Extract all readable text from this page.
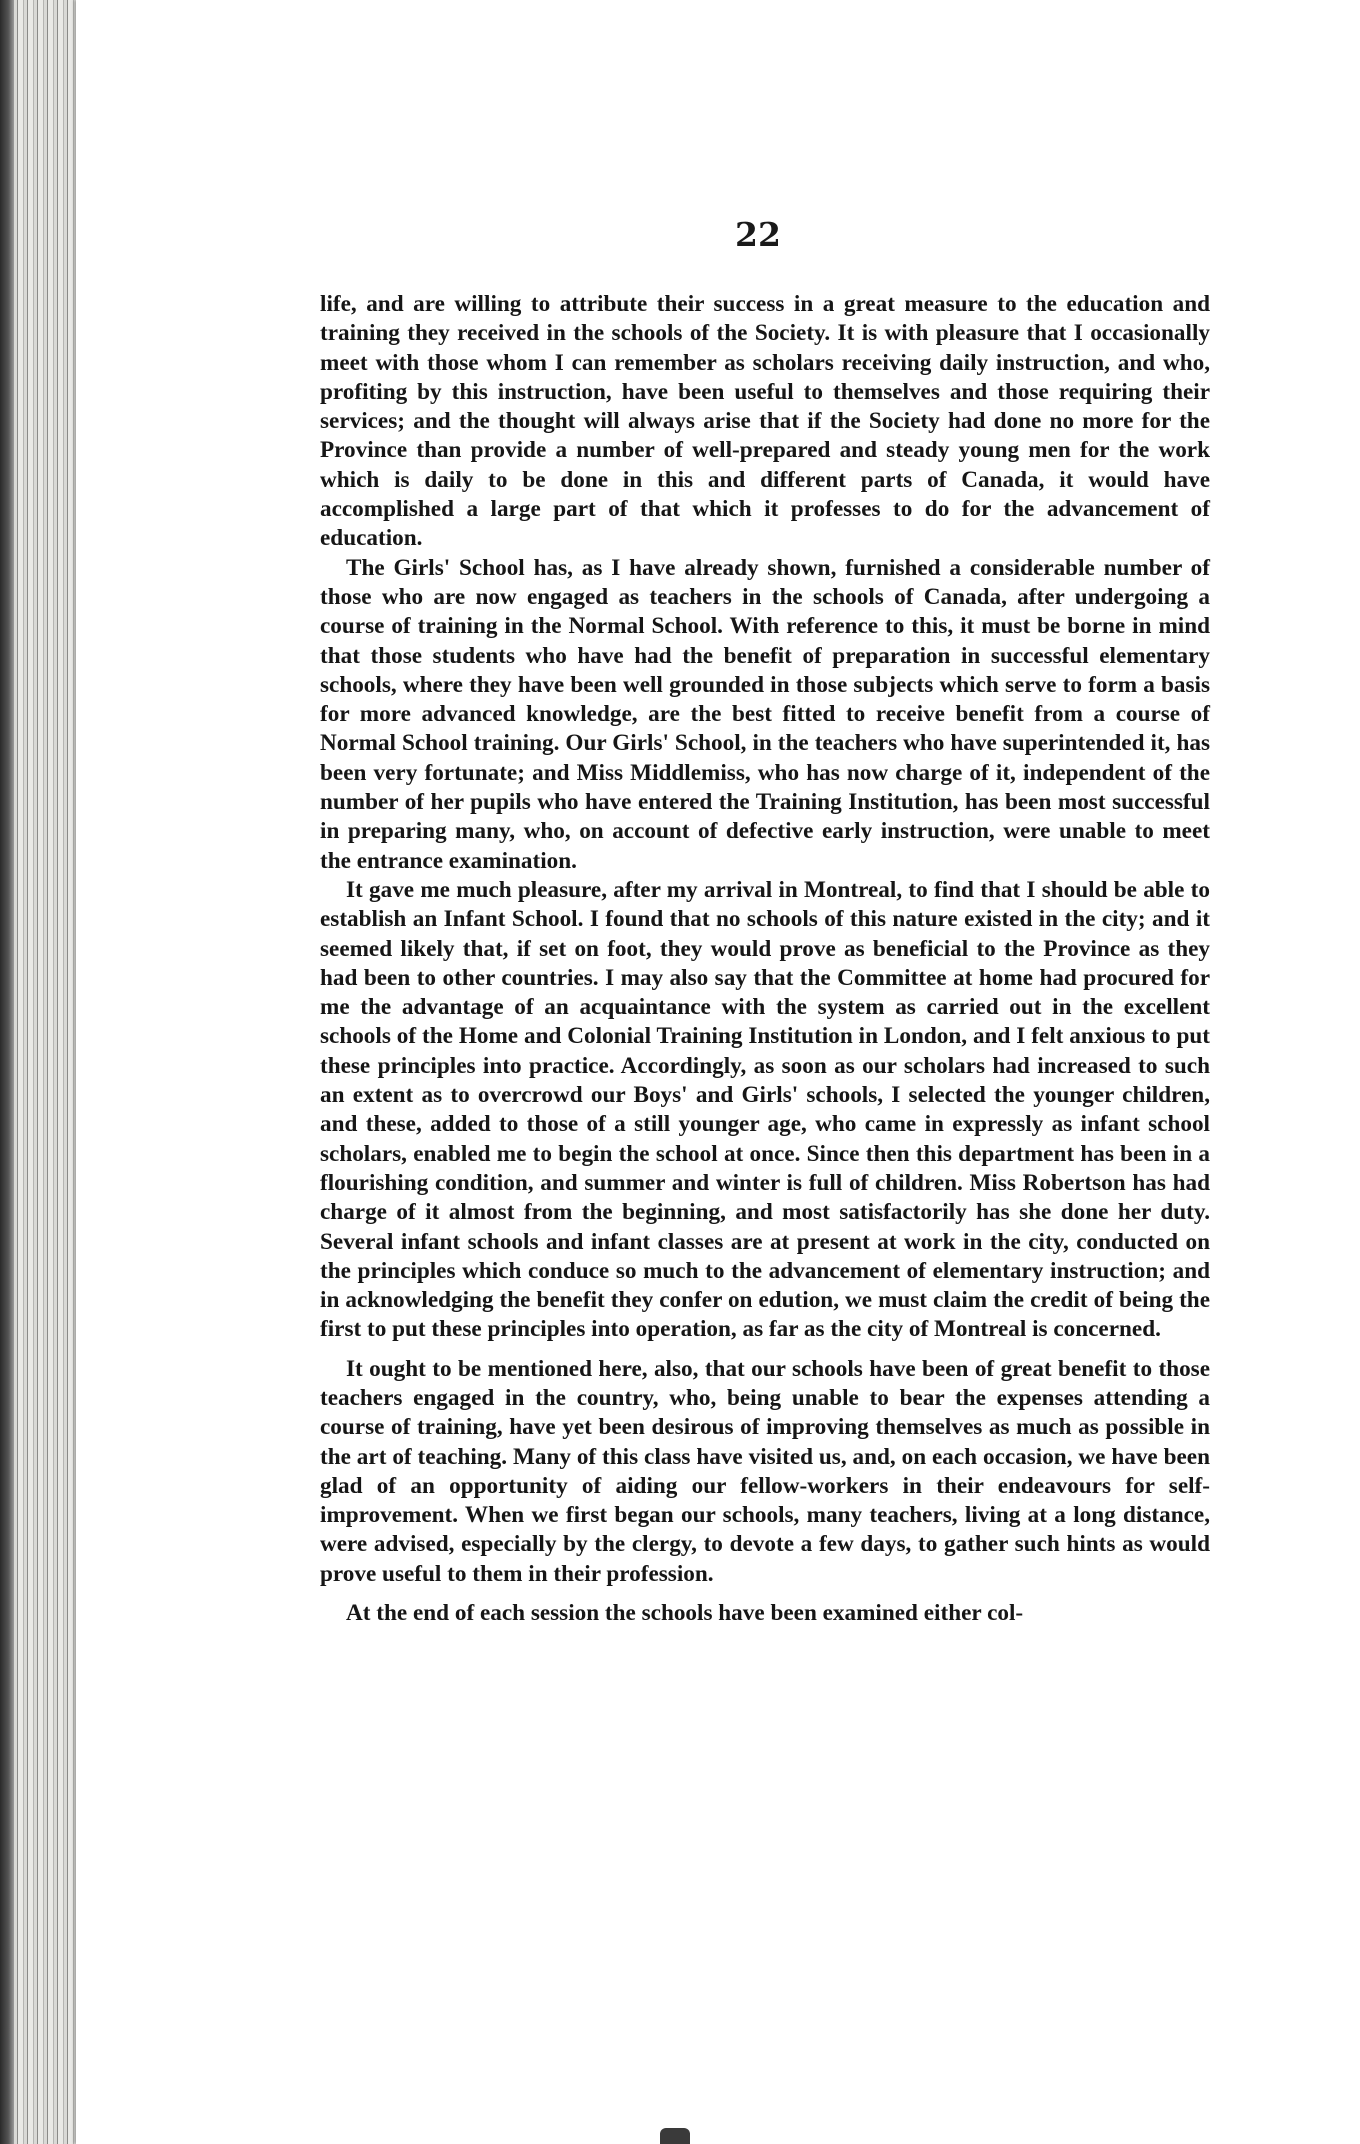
22

life, and are willing to attribute their success in a great measure to the education and training they received in the schools of the Society. It is with pleasure that I occasionally meet with those whom I can remember as scholars receiving daily instruction, and who, profiting by this instruction, have been useful to themselves and those requiring their services; and the thought will always arise that if the Society had done no more for the Province than provide a number of well-prepared and steady young men for the work which is daily to be done in this and different parts of Canada, it would have accomplished a large part of that which it professes to do for the advancement of education.

The Girls' School has, as I have already shown, furnished a considerable number of those who are now engaged as teachers in the schools of Canada, after undergoing a course of training in the Normal School. With reference to this, it must be borne in mind that those students who have had the benefit of preparation in successful elementary schools, where they have been well grounded in those subjects which serve to form a basis for more advanced knowledge, are the best fitted to receive benefit from a course of Normal School training. Our Girls' School, in the teachers who have superintended it, has been very fortunate; and Miss Middlemiss, who has now charge of it, independent of the number of her pupils who have entered the Training Institution, has been most successful in preparing many, who, on account of defective early instruction, were unable to meet the entrance examination.

It gave me much pleasure, after my arrival in Montreal, to find that I should be able to establish an Infant School. I found that no schools of this nature existed in the city; and it seemed likely that, if set on foot, they would prove as beneficial to the Province as they had been to other countries. I may also say that the Committee at home had procured for me the advantage of an acquaintance with the system as carried out in the excellent schools of the Home and Colonial Training Institution in London, and I felt anxious to put these principles into practice. Accordingly, as soon as our scholars had increased to such an extent as to overcrowd our Boys' and Girls' schools, I selected the younger children, and these, added to those of a still younger age, who came in expressly as infant school scholars, enabled me to begin the school at once. Since then this department has been in a flourishing condition, and summer and winter is full of children. Miss Robertson has had charge of it almost from the beginning, and most satisfactorily has she done her duty. Several infant schools and infant classes are at present at work in the city, conducted on the principles which conduce so much to the advancement of elementary instruction; and in acknowledging the benefit they confer on edution, we must claim the credit of being the first to put these principles into operation, as far as the city of Montreal is concerned.

It ought to be mentioned here, also, that our schools have been of great benefit to those teachers engaged in the country, who, being unable to bear the expenses attending a course of training, have yet been desirous of improving themselves as much as possible in the art of teaching. Many of this class have visited us, and, on each occasion, we have been glad of an opportunity of aiding our fellow-workers in their endeavours for self-improvement. When we first began our schools, many teachers, living at a long distance, were advised, especially by the clergy, to devote a few days, to gather such hints as would prove useful to them in their profession.

At the end of each session the schools have been examined either col-
